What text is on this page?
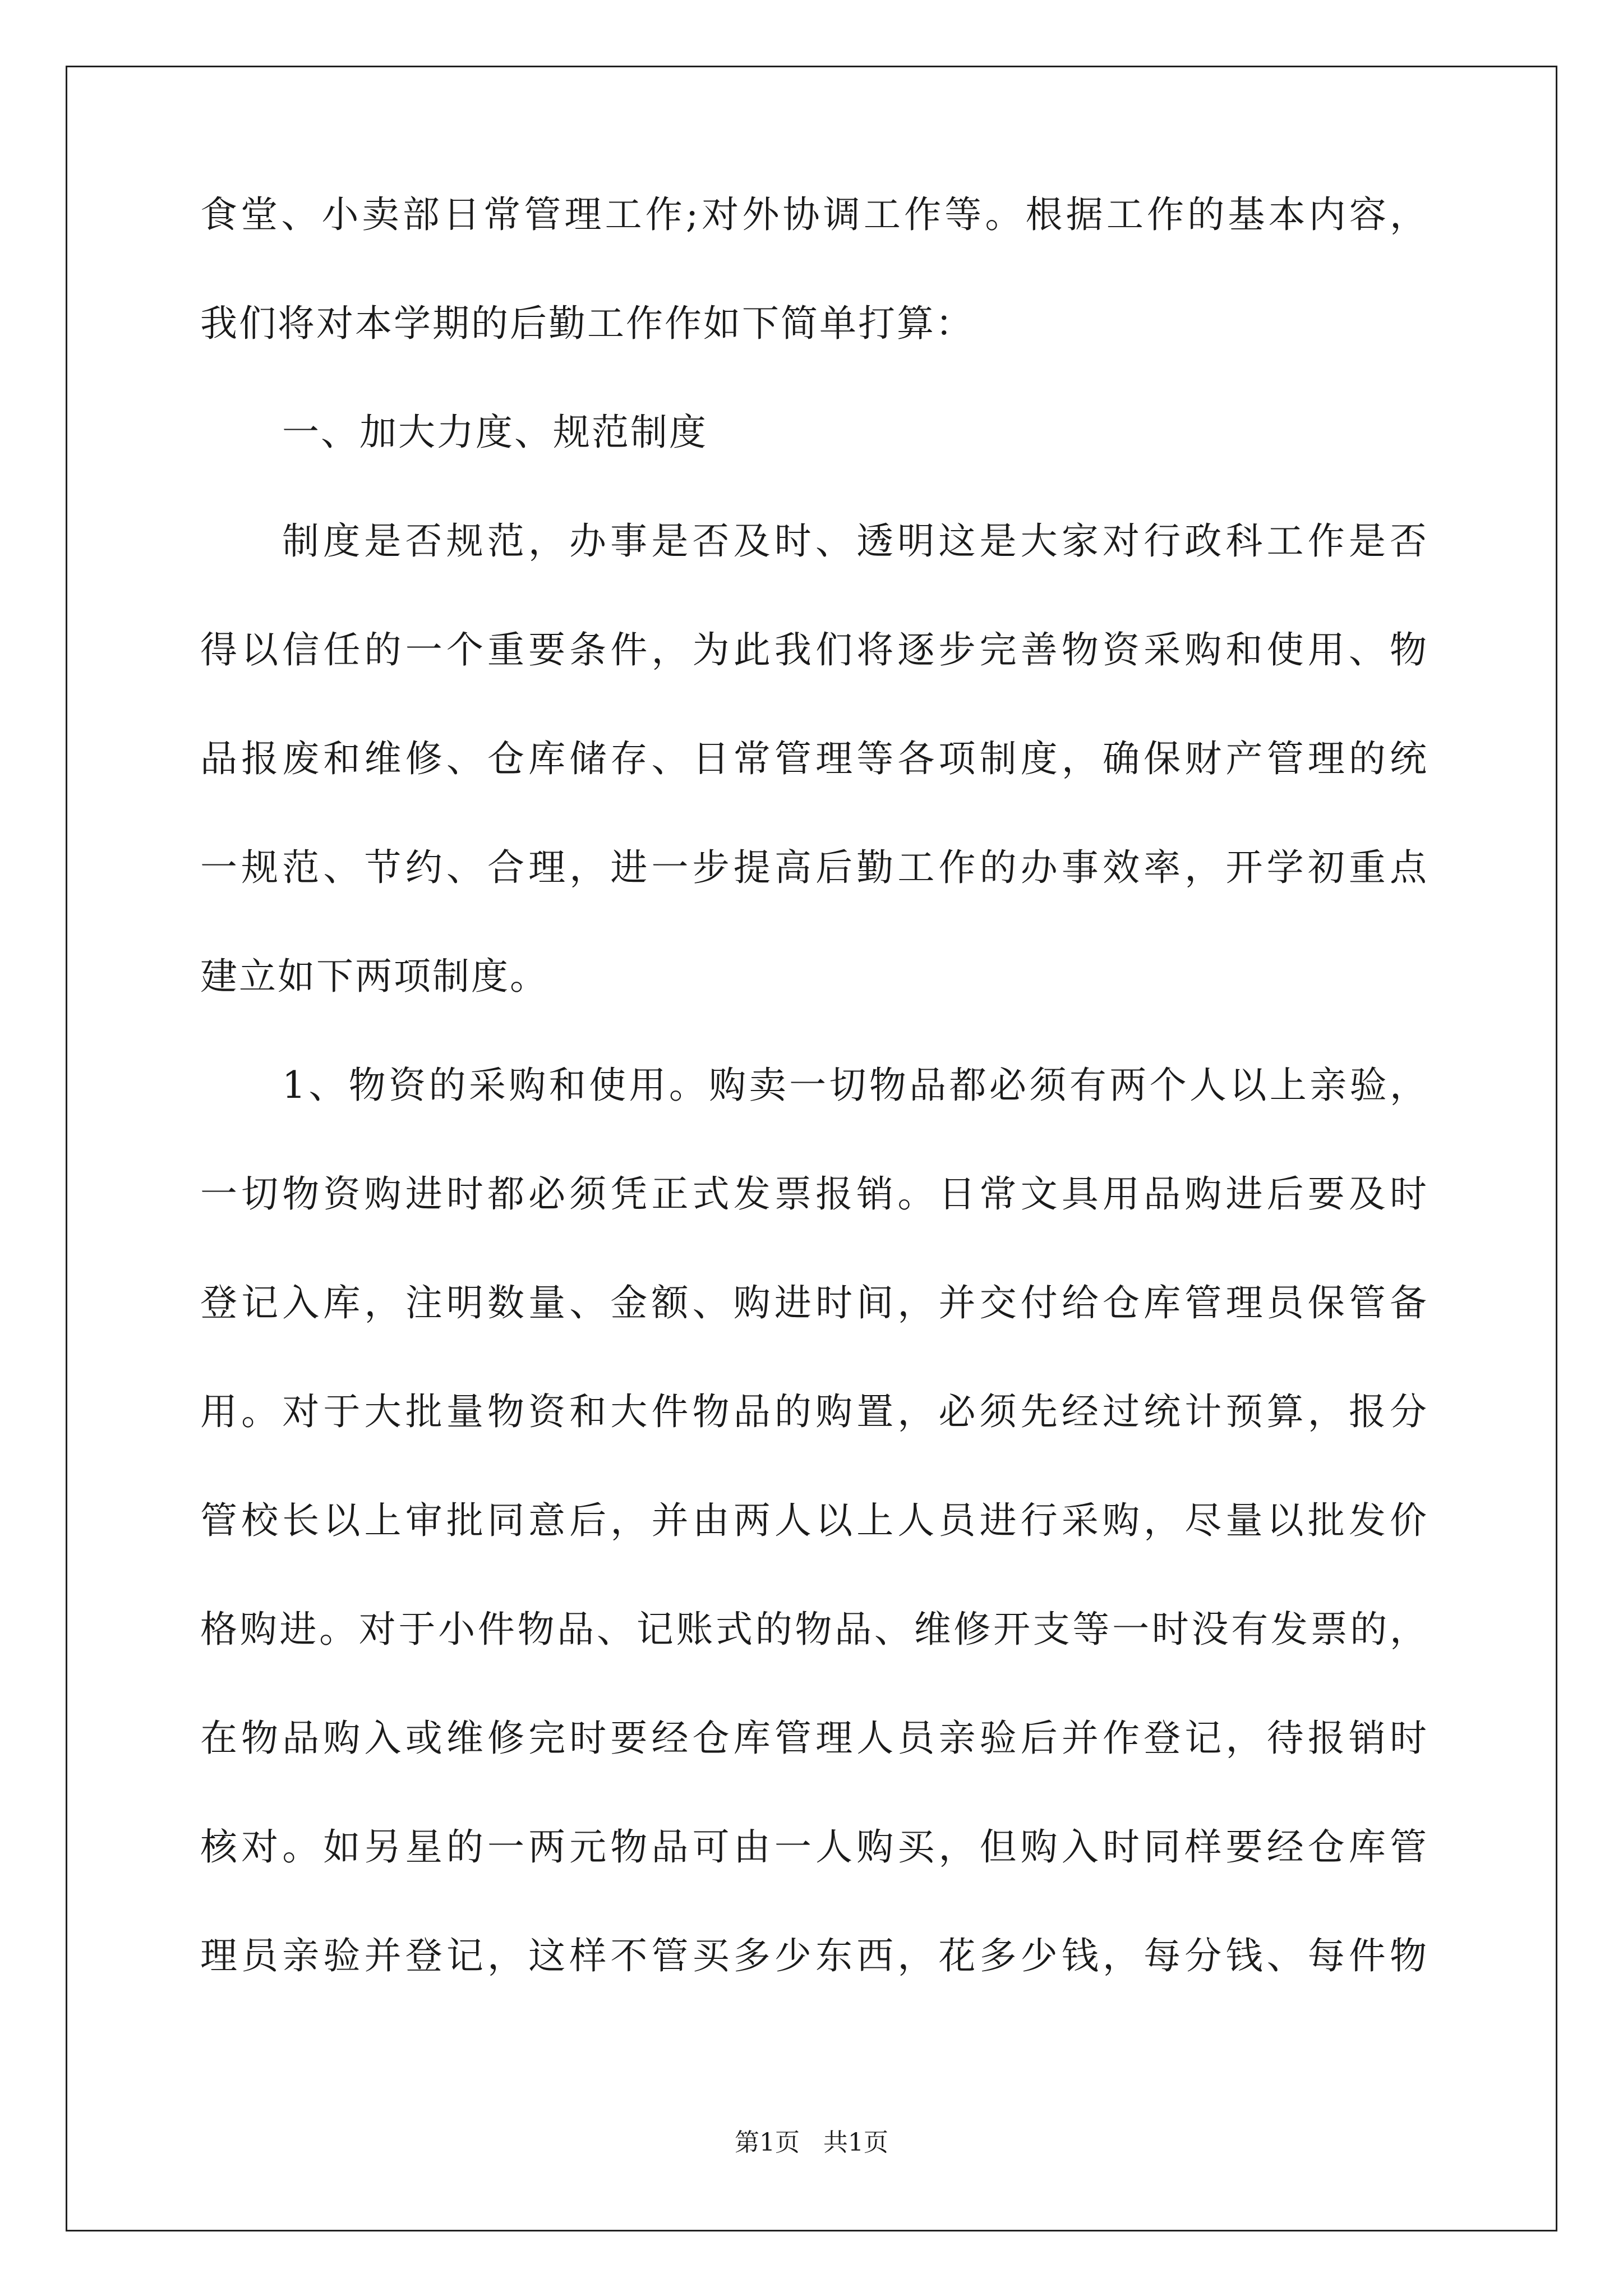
食堂、小卖部日常管理工作;对外协调工作等。根据工作的基本内容，
我们将对本学期的后勤工作作如下简单打算：
一、加大力度、规范制度
制度是否规范，办事是否及时、透明这是大家对行政科工作是否
得以信任的一个重要条件，为此我们将逐步完善物资采购和使用、物
品报废和维修、仓库储存、日常管理等各项制度，确保财产管理的统
一规范、节约、合理，进一步提高后勤工作的办事效率，开学初重点
建立如下两项制度。
1、物资的采购和使用。购卖一切物品都必须有两个人以上亲验，
一切物资购进时都必须凭正式发票报销。日常文具用品购进后要及时
登记入库，注明数量、金额、购进时间，并交付给仓库管理员保管备
用。对于大批量物资和大件物品的购置，必须先经过统计预算，报分
管校长以上审批同意后，并由两人以上人员进行采购，尽量以批发价
格购进。对于小件物品、记账式的物品、维修开支等一时没有发票的，
在物品购入或维修完时要经仓库管理人员亲验后并作登记，待报销时
核对。如另星的一两元物品可由一人购买，但购入时同样要经仓库管
理员亲验并登记，这样不管买多少东西，花多少钱，每分钱、每件物
第1页   共1页
